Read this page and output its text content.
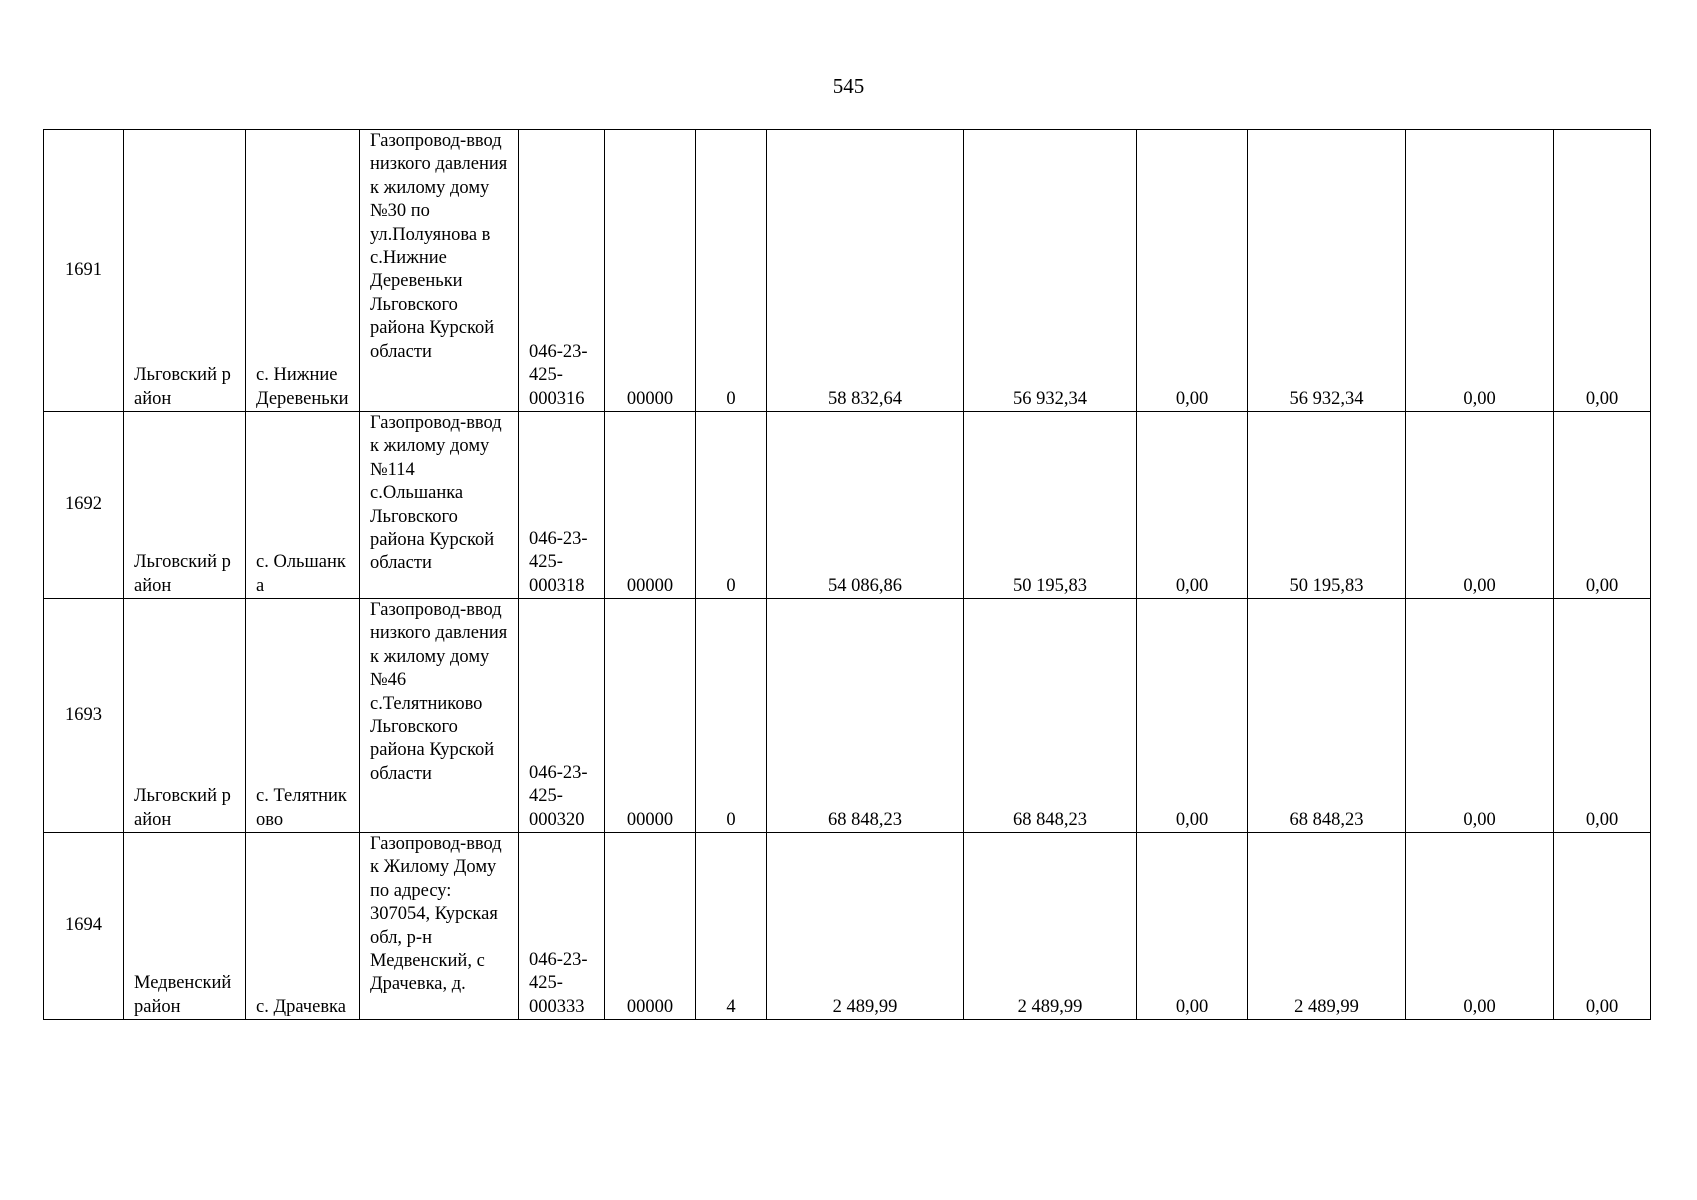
545
1691	Льговский район	с. Нижние Деревеньки	Газопровод-ввод низкого давления к жилому дому №30 по ул.Полуянова в с.Нижние Деревеньки Льговского района Курской области	046-23-425-000316	00000	0	58 832,64	56 932,34	0,00	56 932,34	0,00	0,00
1692	Льговский район	с. Ольшанка	Газопровод-ввод к жилому дому №114 с.Ольшанка Льговского района Курской области	046-23-425-000318	00000	0	54 086,86	50 195,83	0,00	50 195,83	0,00	0,00
1693	Льговский район	с. Телятниково	Газопровод-ввод низкого давления к жилому дому №46 с.Телятниково Льговского района Курской области	046-23-425-000320	00000	0	68 848,23	68 848,23	0,00	68 848,23	0,00	0,00
1694	Медвенский район	с. Драчевка	Газопровод-ввод к Жилому Дому по адресу: 307054, Курская обл, р-н Медвенский, с Драчевка, д.	046-23-425-000333	00000	4	2 489,99	2 489,99	0,00	2 489,99	0,00	0,00
